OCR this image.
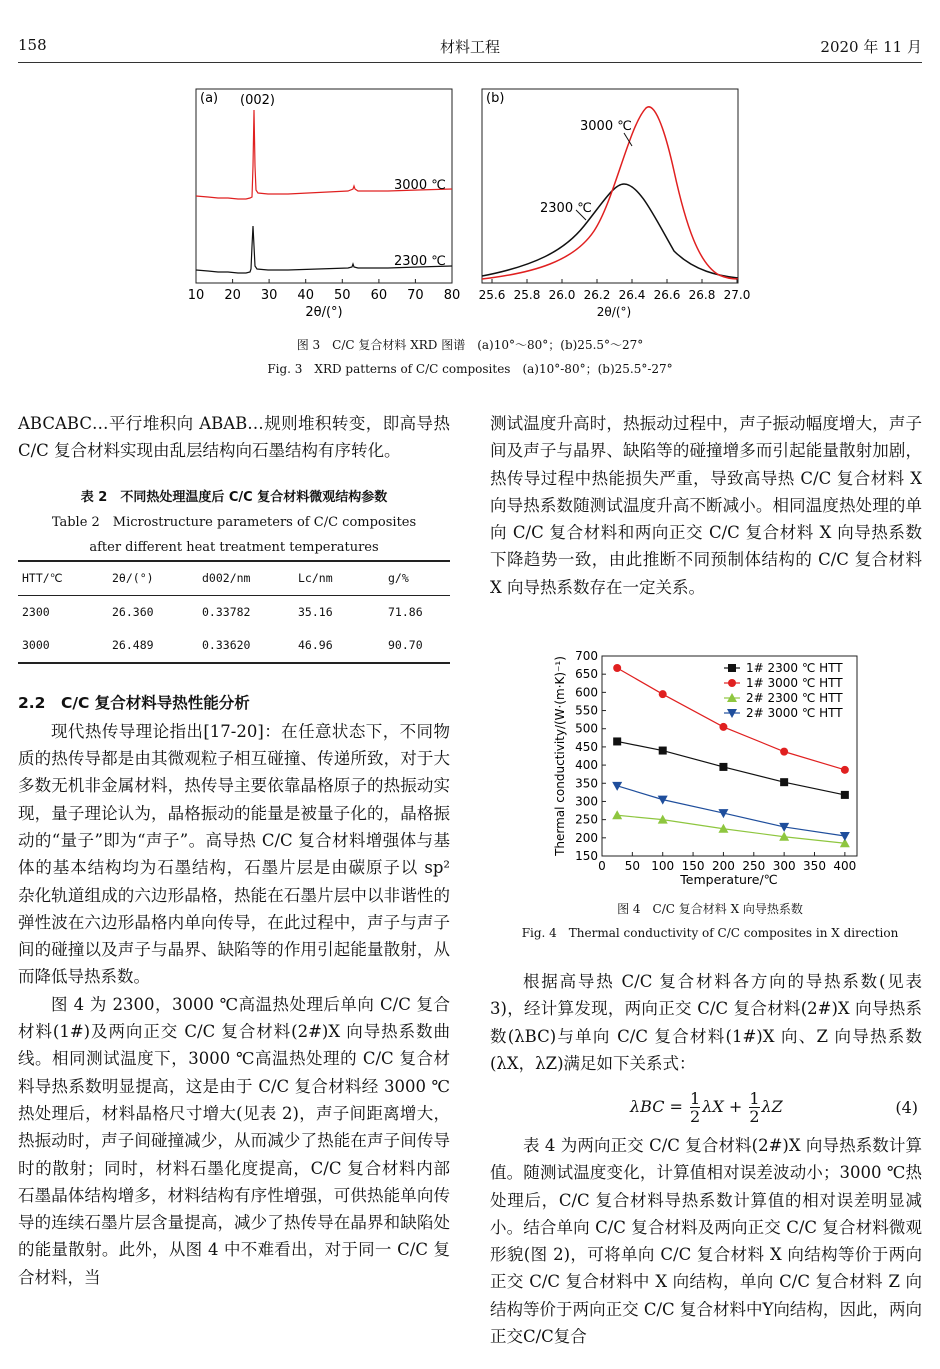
158	材料工程	2020 年 11 月
(a) (002)
3000 ℃
2300 ℃
10 20 30 40 50 60 70 80
2θ/(°)
(b)
3000 ℃
2300 ℃
25.6 25.8 26.0 26.2 26.4 26.6 26.8 27.0
2θ/(°)
图 3　C/C 复合材料 XRD 图谱　(a)10°～80°；(b)25.5°～27°
Fig. 3　XRD patterns of C/C composites　(a)10°-80°；(b)25.5°-27°

ABCABC…平行堆积向 ABAB…规则堆积转变，即高导热 C/C 复合材料实现由乱层结构向石墨结构有序转化。

表 2　不同热处理温度后 C/C 复合材料微观结构参数
Table 2　Microstructure parameters of C/C composites
after different heat treatment temperatures
HTT/℃	2θ/(°)	d002/nm	Lc/nm	g/%
2300	26.360	0.33782	35.16	71.86
3000	26.489	0.33620	46.96	90.70
2.2　C/C 复合材料导热性能分析

现代热传导理论指出[17-20]：在任意状态下，不同物质的热传导都是由其微观粒子相互碰撞、传递所致，对于大多数无机非金属材料，热传导主要依靠晶格原子的热振动实现，量子理论认为，晶格振动的能量是被量子化的，晶格振动的“量子”即为“声子”。高导热 C/C 复合材料增强体与基体的基本结构均为石墨结构，石墨片层是由碳原子以 sp² 杂化轨道组成的六边形晶格，热能在石墨片层中以非谐性的弹性波在六边形晶格内单向传导，在此过程中，声子与声子间的碰撞以及声子与晶界、缺陷等的作用引起能量散射，从而降低导热系数。

图 4 为 2300，3000 ℃高温热处理后单向 C/C 复合材料(1#)及两向正交 C/C 复合材料(2#)X 向导热系数曲线。相同测试温度下，3000 ℃高温热处理的 C/C 复合材料导热系数明显提高，这是由于 C/C 复合材料经 3000 ℃热处理后，材料晶格尺寸增大(见表 2)，声子间距离增大，热振动时，声子间碰撞减少，从而减少了热能在声子间传导时的散射；同时，材料石墨化度提高，C/C 复合材料内部石墨晶体结构增多，材料结构有序性增强，可供热能单向传导的连续石墨片层含量提高，减少了热传导在晶界和缺陷处的能量散射。此外，从图 4 中不难看出，对于同一 C/C 复合材料，当

测试温度升高时，热振动过程中，声子振动幅度增大，声子间及声子与晶界、缺陷等的碰撞增多而引起能量散射加剧，热传导过程中热能损失严重，导致高导热 C/C 复合材料 X 向导热系数随测试温度升高不断减小。相同温度热处理的单向 C/C 复合材料和两向正交 C/C 复合材料 X 向导热系数下降趋势一致，由此推断不同预制体结构的 C/C 复合材料 X 向导热系数存在一定关系。

0 50 100 150 200 250 300 350 400
150
200
250
300
350
400
450
500
550
600
650
700
1# 2300 ℃ HTT
1# 3000 ℃ HTT
2# 2300 ℃ HTT
2# 3000 ℃ HTT
Temperature/℃
Thermal conductivity/(W·(m·K)⁻¹)
图 4　C/C 复合材料 X 向导热系数
Fig. 4　Thermal conductivity of C/C composites in X direction

根据高导热 C/C 复合材料各方向的导热系数(见表 3)，经计算发现，两向正交 C/C 复合材料(2#)X 向导热系数(λBC)与单向 C/C 复合材料(1#)X 向、Z 向导热系数(λX，λZ)满足如下关系式：

$\lambda BC = \frac{1}{2}$ $\lambda X + \frac{1}{2}$ λZ	(4)

表 4 为两向正交 C/C 复合材料(2#)X 向导热系数计算值。随测试温度变化，计算值相对误差波动小；3000 ℃热处理后，C/C 复合材料导热系数计算值的相对误差明显减小。结合单向 C/C 复合材料及两向正交 C/C 复合材料微观形貌(图 2)，可将单向 C/C 复合材料 X 向结构等价于两向正交 C/C 复合材料中 X 向结构，单向 C/C 复合材料 Z 向结构等价于两向正交 C/C 复合材料中Y向结构，因此，两向正交C/C复合
